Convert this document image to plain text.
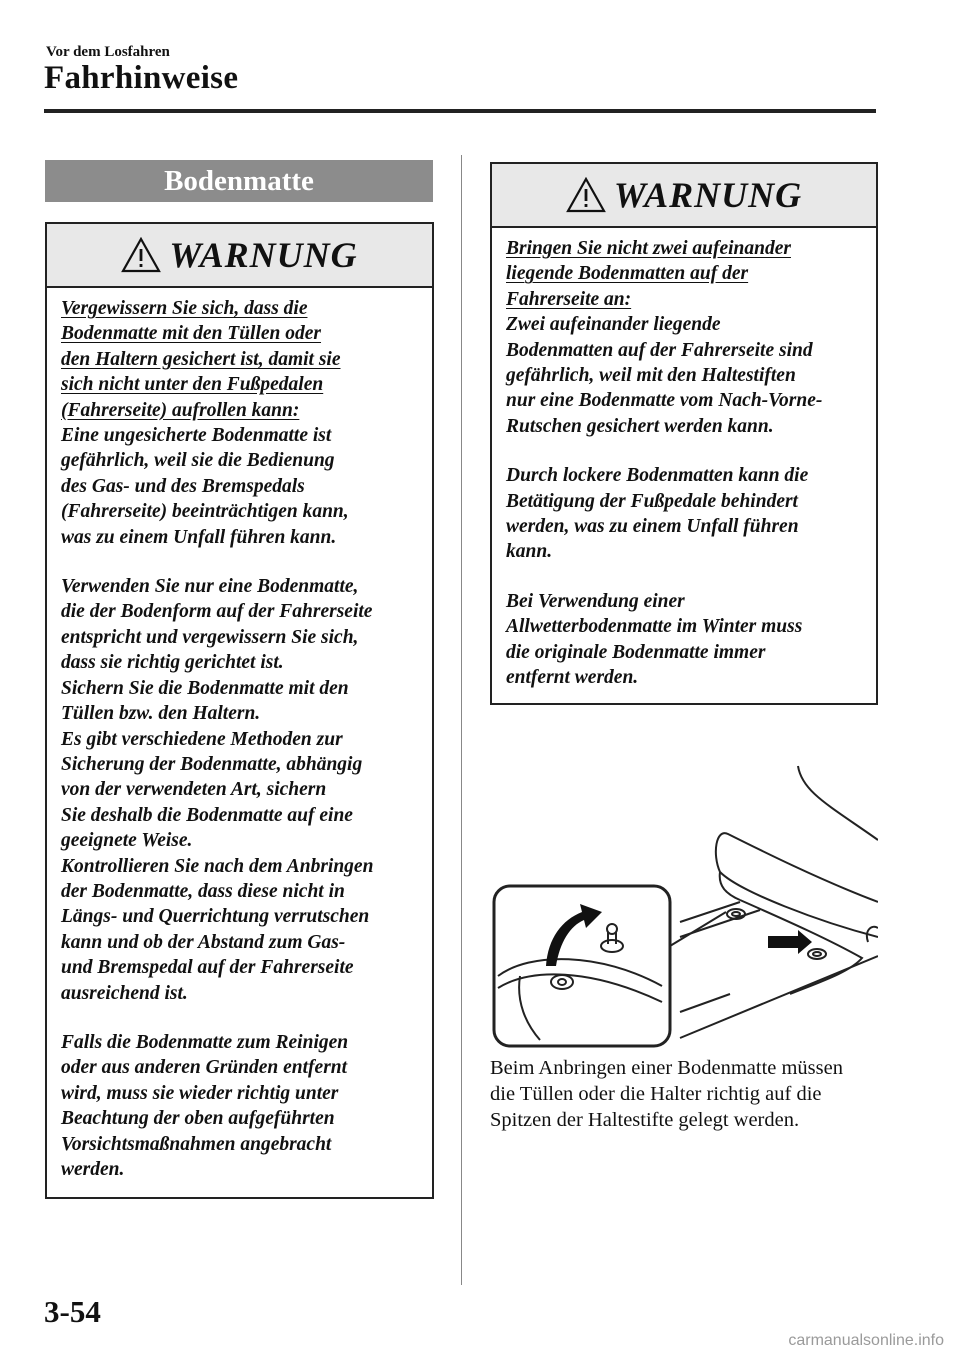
Vor dem Losfahren
Fahrhinweise
Bodenmatte
WARNUNG

Vergewissern Sie sich, dass die
Bodenmatte mit den Tüllen oder
den Haltern gesichert ist, damit sie
sich nicht unter den Fußpedalen
(Fahrerseite) aufrollen kann:

Eine ungesicherte Bodenmatte ist
gefährlich, weil sie die Bedienung
des Gas- und des Bremspedals
(Fahrerseite) beeinträchtigen kann,
was zu einem Unfall führen kann.

Verwenden Sie nur eine Bodenmatte,
die der Bodenform auf der Fahrerseite
entspricht und vergewissern Sie sich,
dass sie richtig gerichtet ist.
Sichern Sie die Bodenmatte mit den
Tüllen bzw. den Haltern.
Es gibt verschiedene Methoden zur
Sicherung der Bodenmatte, abhängig
von der verwendeten Art, sichern
Sie deshalb die Bodenmatte auf eine
geeignete Weise.
Kontrollieren Sie nach dem Anbringen
der Bodenmatte, dass diese nicht in
Längs- und Querrichtung verrutschen
kann und ob der Abstand zum Gas-
und Bremspedal auf der Fahrerseite
ausreichend ist.

Falls die Bodenmatte zum Reinigen
oder aus anderen Gründen entfernt
wird, muss sie wieder richtig unter
Beachtung der oben aufgeführten
Vorsichtsmaßnahmen angebracht
werden.

WARNUNG

Bringen Sie nicht zwei aufeinander
liegende Bodenmatten auf der
Fahrerseite an:

Zwei aufeinander liegende
Bodenmatten auf der Fahrerseite sind
gefährlich, weil mit den Haltestiften
nur eine Bodenmatte vom Nach-Vorne-
Rutschen gesichert werden kann.

Durch lockere Bodenmatten kann die
Betätigung der Fußpedale behindert
werden, was zu einem Unfall führen
kann.

Bei Verwendung einer
Allwetterbodenmatte im Winter muss
die originale Bodenmatte immer
entfernt werden.

Beim Anbringen einer Bodenmatte müssen
die Tüllen oder die Halter richtig auf die
Spitzen der Haltestifte gelegt werden.
3-54
carmanualsonline.info
